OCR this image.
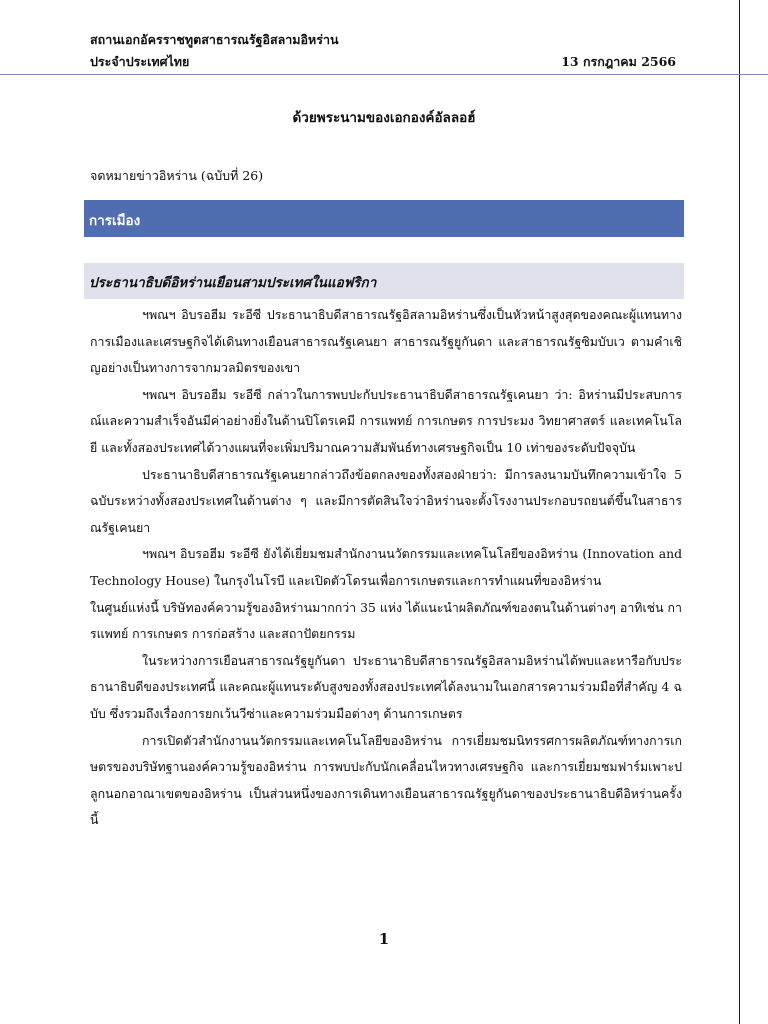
สถานเอกอัครราชทูตสาธารณรัฐอิสลามอิหร่าน
ประจำประเทศไทย	13 กรกฎาคม 2566
ด้วยพระนามของเอกองค์อัลลอฮ์
จดหมายข่าวอิหร่าน (ฉบับที่ 26)
การเมือง
ประธานาธิบดีอิหร่านเยือนสามประเทศในแอฟริกา

ฯพณฯ อิบรอฮีม ระอีซี ประธานาธิบดีสาธารณรัฐอิสลามอิหร่านซึ่งเป็นหัวหน้าสูงสุดของคณะผู้แทนทางการเมืองและเศรษฐกิจได้เดินทางเยือนสาธารณรัฐเคนยา สาธารณรัฐยูกันดา และสาธารณรัฐซิมบับเว ตามคำเชิญอย่างเป็นทางการจากมวลมิตรของเขา

ฯพณฯ อิบรอฮีม ระอีซี กล่าวในการพบปะกับประธานาธิบดีสาธารณรัฐเคนยา ว่า: อิหร่านมีประสบการณ์และความสำเร็จอันมีค่าอย่างยิ่งในด้านปิโตรเคมี การแพทย์ การเกษตร การประมง วิทยาศาสตร์ และเทคโนโลยี และทั้งสองประเทศได้วางแผนที่จะเพิ่มปริมาณความสัมพันธ์ทางเศรษฐกิจเป็น 10 เท่าของระดับปัจจุบัน

ประธานาธิบดีสาธารณรัฐเคนยากล่าวถึงข้อตกลงของทั้งสองฝ่ายว่า: มีการลงนามบันทึกความเข้าใจ 5 ฉบับระหว่างทั้งสองประเทศในด้านต่าง ๆ และมีการตัดสินใจว่าอิหร่านจะตั้งโรงงานประกอบรถยนต์ขึ้นในสาธารณรัฐเคนยา

ฯพณฯ อิบรอฮีม ระอีซี ยังได้เยี่ยมชมสำนักงานนวัตกรรมและเทคโนโลยีของอิหร่าน (Innovation and Technology House) ในกรุงไนโรบี และเปิดตัวโดรนเพื่อการเกษตรและการทำแผนที่ของอิหร่าน

ในศูนย์แห่งนี้ บริษัทองค์ความรู้ของอิหร่านมากกว่า 35 แห่ง ได้แนะนำผลิตภัณฑ์ของตนในด้านต่างๆ อาทิเช่น การแพทย์ การเกษตร การก่อสร้าง และสถาปัตยกรรม

ในระหว่างการเยือนสาธารณรัฐยูกันดา ประธานาธิบดีสาธารณรัฐอิสลามอิหร่านได้พบและหารือกับประธานาธิบดีของประเทศนี้ และคณะผู้แทนระดับสูงของทั้งสองประเทศได้ลงนามในเอกสารความร่วมมือที่สำคัญ 4 ฉบับ ซึ่งรวมถึงเรื่องการยกเว้นวีซ่าและความร่วมมือต่างๆ ด้านการเกษตร

การเปิดตัวสำนักงานนวัตกรรมและเทคโนโลยีของอิหร่าน การเยี่ยมชมนิทรรศการผลิตภัณฑ์ทางการเกษตรของบริษัทฐานองค์ความรู้ของอิหร่าน การพบปะกับนักเคลื่อนไหวทางเศรษฐกิจ และการเยี่ยมชมฟาร์มเพาะปลูกนอกอาณาเขตของอิหร่าน เป็นส่วนหนึ่งของการเดินทางเยือนสาธารณรัฐยูกันดาของประธานาธิบดีอิหร่านครั้งนี้

1
